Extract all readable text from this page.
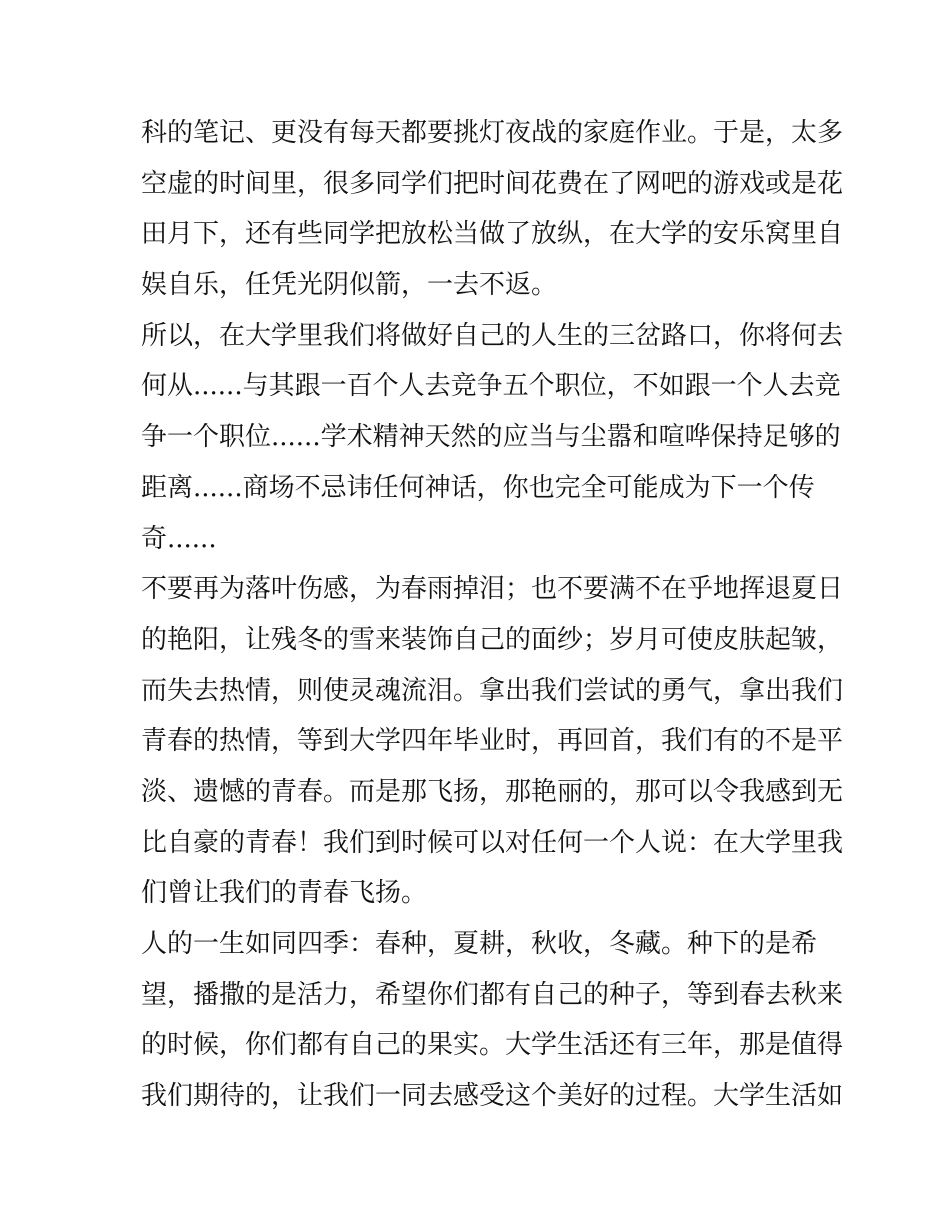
科的笔记、更没有每天都要挑灯夜战的家庭作业。于是，太多
空虚的时间里，很多同学们把时间花费在了网吧的游戏或是花
田月下，还有些同学把放松当做了放纵，在大学的安乐窝里自
娱自乐，任凭光阴似箭，一去不返。
所以，在大学里我们将做好自己的人生的三岔路口，你将何去
何从......与其跟一百个人去竞争五个职位，不如跟一个人去竞
争一个职位......学术精神天然的应当与尘嚣和喧哗保持足够的
距离......商场不忌讳任何神话，你也完全可能成为下一个传
奇......
不要再为落叶伤感，为春雨掉泪；也不要满不在乎地挥退夏日
的艳阳，让残冬的雪来装饰自己的面纱；岁月可使皮肤起皱，
而失去热情，则使灵魂流泪。拿出我们尝试的勇气，拿出我们
青春的热情，等到大学四年毕业时，再回首，我们有的不是平
淡、遗憾的青春。而是那飞扬，那艳丽的，那可以令我感到无
比自豪的青春！我们到时候可以对任何一个人说：在大学里我
们曾让我们的青春飞扬。
人的一生如同四季：春种，夏耕，秋收，冬藏。种下的是希
望，播撒的是活力，希望你们都有自己的种子，等到春去秋来
的时候，你们都有自己的果实。大学生活还有三年，那是值得
我们期待的，让我们一同去感受这个美好的过程。大学生活如
